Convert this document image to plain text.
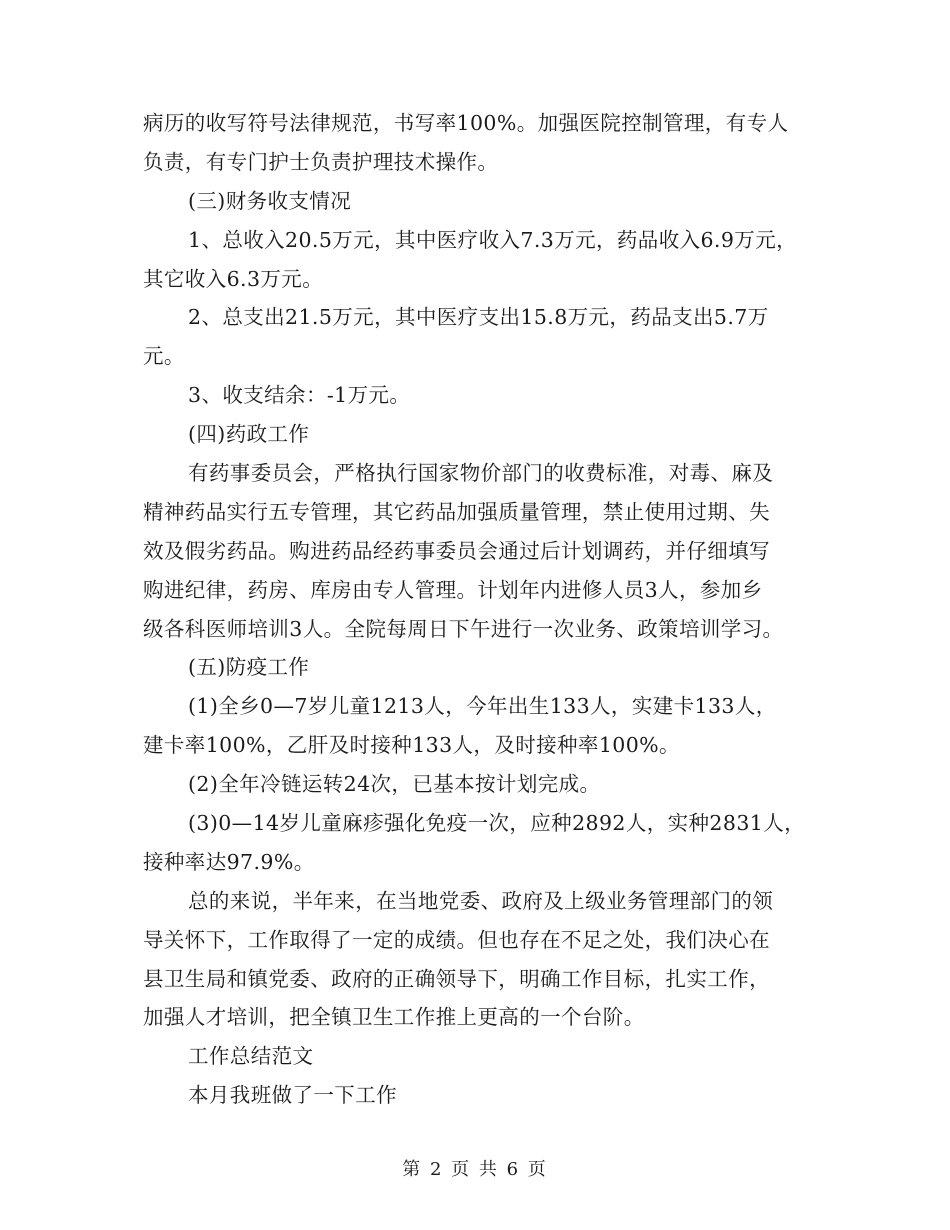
病历的收写符号法律规范，书写率100%。加强医院控制管理，有专人
负责，有专门护士负责护理技术操作。
(三)财务收支情况
1、总收入20.5万元，其中医疗收入7.3万元，药品收入6.9万元，
其它收入6.3万元。
2、总支出21.5万元，其中医疗支出15.8万元，药品支出5.7万
元。
3、收支结余：-1万元。
(四)药政工作
有药事委员会，严格执行国家物价部门的收费标准，对毒、麻及
精神药品实行五专管理，其它药品加强质量管理，禁止使用过期、失
效及假劣药品。购进药品经药事委员会通过后计划调药，并仔细填写
购进纪律，药房、库房由专人管理。计划年内进修人员3人，参加乡
级各科医师培训3人。全院每周日下午进行一次业务、政策培训学习。
(五)防疫工作
(1)全乡0—7岁儿童1213人，今年出生133人，实建卡133人，
建卡率100%，乙肝及时接种133人，及时接种率100%。
(2)全年冷链运转24次，已基本按计划完成。
(3)0—14岁儿童麻疹强化免疫一次，应种2892人，实种2831人，
接种率达97.9%。
总的来说，半年来，在当地党委、政府及上级业务管理部门的领
导关怀下，工作取得了一定的成绩。但也存在不足之处，我们决心在
县卫生局和镇党委、政府的正确领导下，明确工作目标，扎实工作，
加强人才培训，把全镇卫生工作推上更高的一个台阶。
工作总结范文
本月我班做了一下工作
第 2 页 共 6 页
